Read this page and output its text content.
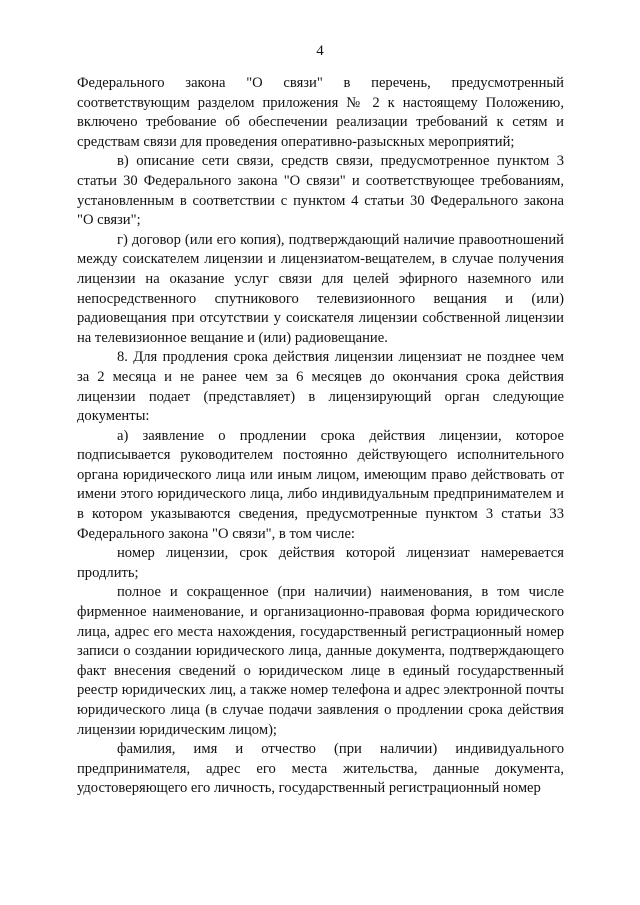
4

Федерального закона "О связи" в перечень, предусмотренный соответствующим разделом приложения № 2 к настоящему Положению, включено требование об обеспечении реализации требований к сетям и средствам связи для проведения оперативно-разыскных мероприятий;

в) описание сети связи, средств связи, предусмотренное пунктом 3 статьи 30 Федерального закона "О связи" и соответствующее требованиям, установленным в соответствии с пунктом 4 статьи 30 Федерального закона "О связи";

г) договор (или его копия), подтверждающий наличие правоотношений между соискателем лицензии и лицензиатом-вещателем, в случае получения лицензии на оказание услуг связи для целей эфирного наземного или непосредственного спутникового телевизионного вещания и (или) радиовещания при отсутствии у соискателя лицензии собственной лицензии на телевизионное вещание и (или) радиовещание.

8. Для продления срока действия лицензии лицензиат не позднее чем за 2 месяца и не ранее чем за 6 месяцев до окончания срока действия лицензии подает (представляет) в лицензирующий орган следующие документы:

а) заявление о продлении срока действия лицензии, которое подписывается руководителем постоянно действующего исполнительного органа юридического лица или иным лицом, имеющим право действовать от имени этого юридического лица, либо индивидуальным предпринимателем и в котором указываются сведения, предусмотренные пунктом 3 статьи 33 Федерального закона "О связи", в том числе:

номер лицензии, срок действия которой лицензиат намеревается продлить;

полное и сокращенное (при наличии) наименования, в том числе фирменное наименование, и организационно-правовая форма юридического лица, адрес его места нахождения, государственный регистрационный номер записи о создании юридического лица, данные документа, подтверждающего факт внесения сведений о юридическом лице в единый государственный реестр юридических лиц, а также номер телефона и адрес электронной почты юридического лица (в случае подачи заявления о продлении срока действия лицензии юридическим лицом);

фамилия, имя и отчество (при наличии) индивидуального предпринимателя, адрес его места жительства, данные документа, удостоверяющего его личность, государственный регистрационный номер
